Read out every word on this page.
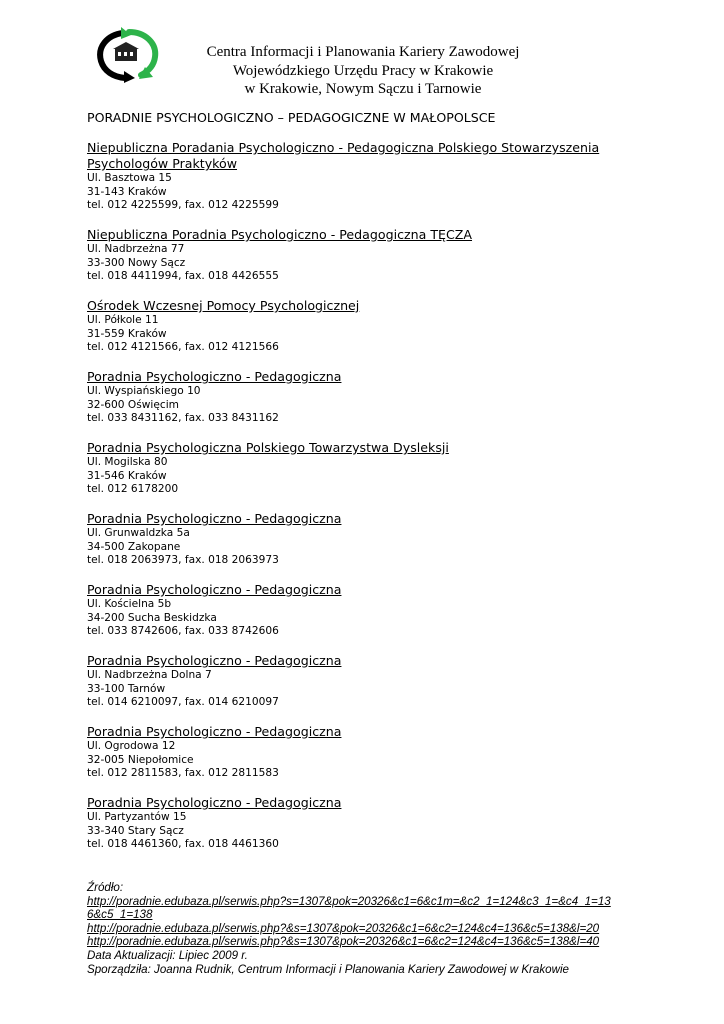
Centra Informacji i Planowania Kariery Zawodowej
Wojewódzkiego Urzędu Pracy w Krakowie
w Krakowie, Nowym Sączu i Tarnowie
PORADNIE PSYCHOLOGICZNO – PEDAGOGICZNE W MAŁOPOLSCE
Niepubliczna Poradania Psychologiczno - Pedagogiczna Polskiego Stowarzyszenia
Psychologów Praktyków
Ul. Basztowa 15
31-143 Kraków
tel. 012 4225599, fax. 012 4225599
Niepubliczna Poradnia Psychologiczno - Pedagogiczna TĘCZA
Ul. Nadbrzeżna 77
33-300 Nowy Sącz
tel. 018 4411994, fax. 018 4426555
Ośrodek Wczesnej Pomocy Psychologicznej
Ul. Półkole 11
31-559 Kraków
tel. 012 4121566, fax. 012 4121566
Poradnia Psychologiczno - Pedagogiczna
Ul. Wyspiańskiego 10
32-600 Oświęcim
tel. 033 8431162, fax. 033 8431162
Poradnia Psychologiczna Polskiego Towarzystwa Dysleksji
Ul. Mogilska 80
31-546 Kraków
tel. 012 6178200
Poradnia Psychologiczno - Pedagogiczna
Ul. Grunwaldzka 5a
34-500 Zakopane
tel. 018 2063973, fax. 018 2063973
Poradnia Psychologiczno - Pedagogiczna
Ul. Kościelna 5b
34-200 Sucha Beskidzka
tel. 033 8742606, fax. 033 8742606
Poradnia Psychologiczno - Pedagogiczna
Ul. Nadbrzeżna Dolna 7
33-100 Tarnów
tel. 014 6210097, fax. 014 6210097
Poradnia Psychologiczno - Pedagogiczna
Ul. Ogrodowa 12
32-005 Niepołomice
tel. 012 2811583, fax. 012 2811583
Poradnia Psychologiczno - Pedagogiczna
Ul. Partyzantów 15
33-340 Stary Sącz
tel. 018 4461360, fax. 018 4461360
Źródło:
http://poradnie.edubaza.pl/serwis.php?s=1307&pok=20326&c1=6&c1m=&c2_1=124&c3_1=&c4_1=13
6&c5_1=138
http://poradnie.edubaza.pl/serwis.php?&s=1307&pok=20326&c1=6&c2=124&c4=136&c5=138&l=20
http://poradnie.edubaza.pl/serwis.php?&s=1307&pok=20326&c1=6&c2=124&c4=136&c5=138&l=40
Data Aktualizacji: Lipiec 2009 r.
Sporządziła: Joanna Rudnik, Centrum Informacji i Planowania Kariery Zawodowej w Krakowie
